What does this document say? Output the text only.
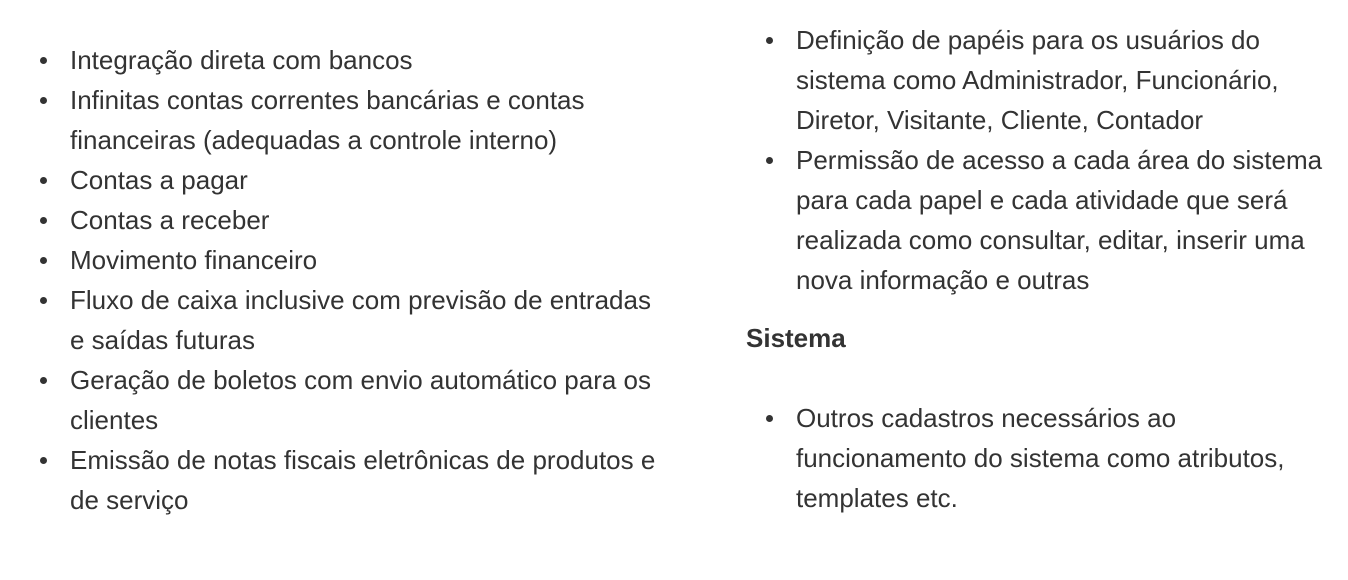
Integração direta com bancos
Infinitas contas correntes bancárias e contas financeiras (adequadas a controle interno)
Contas a pagar
Contas a receber
Movimento financeiro
Fluxo de caixa inclusive com previsão de entradas e saídas futuras
Geração de boletos com envio automático para os clientes
Emissão de notas fiscais eletrônicas de produtos e de serviço
Definição de papéis para os usuários do sistema como Administrador, Funcionário, Diretor, Visitante, Cliente, Contador
Permissão de acesso a cada área do sistema para cada papel e cada atividade que será realizada como consultar, editar, inserir uma nova informação e outras
Sistema
Outros cadastros necessários ao funcionamento do sistema como atributos, templates etc.
